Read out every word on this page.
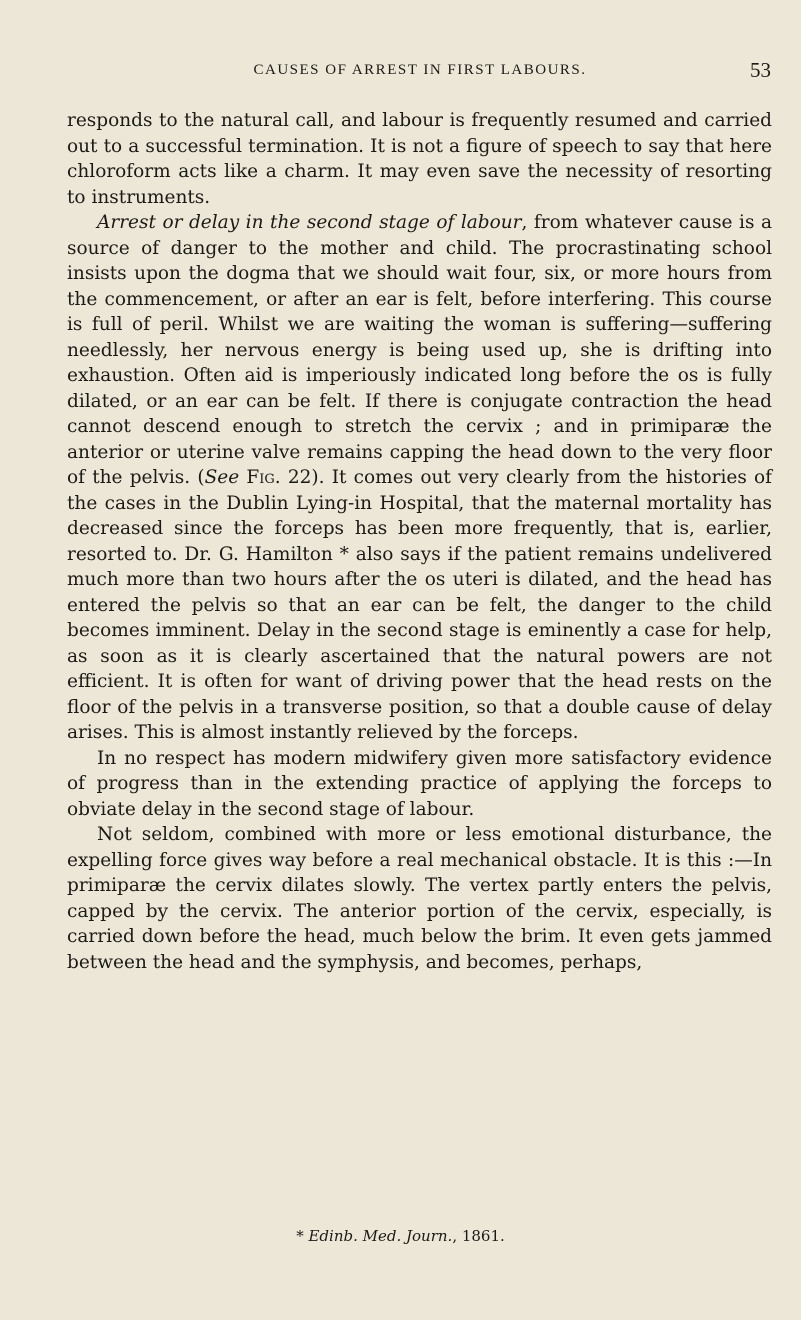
CAUSES OF ARREST IN FIRST LABOURS.	53

responds to the natural call, and labour is frequently resumed and carried out to a successful termination. It is not a figure of speech to say that here chloroform acts like a charm. It may even save the necessity of resorting to instruments.

Arrest or delay in the second stage of labour, from whatever cause is a source of danger to the mother and child. The procrastinating school insists upon the dogma that we should wait four, six, or more hours from the commencement, or after an ear is felt, before interfering. This course is full of peril. Whilst we are waiting the woman is suffering—suffering needlessly, her nervous energy is being used up, she is drifting into exhaustion. Often aid is imperiously indicated long before the os is fully dilated, or an ear can be felt. If there is conjugate contraction the head cannot descend enough to stretch the cervix ; and in primiparæ the anterior or uterine valve remains capping the head down to the very floor of the pelvis. (See Fig. 22). It comes out very clearly from the histories of the cases in the Dublin Lying-in Hospital, that the maternal mortality has decreased since the forceps has been more frequently, that is, earlier, resorted to. Dr. G. Hamilton * also says if the patient remains undelivered much more than two hours after the os uteri is dilated, and the head has entered the pelvis so that an ear can be felt, the danger to the child becomes imminent. Delay in the second stage is eminently a case for help, as soon as it is clearly ascertained that the natural powers are not efficient. It is often for want of driving power that the head rests on the floor of the pelvis in a transverse position, so that a double cause of delay arises. This is almost instantly relieved by the forceps.

In no respect has modern midwifery given more satisfactory evidence of progress than in the extending practice of applying the forceps to obviate delay in the second stage of labour.

Not seldom, combined with more or less emotional disturbance, the expelling force gives way before a real mechanical obstacle. It is this :—In primiparæ the cervix dilates slowly. The vertex partly enters the pelvis, capped by the cervix. The anterior portion of the cervix, especially, is carried down before the head, much below the brim. It even gets jammed between the head and the symphysis, and becomes, perhaps,

* Edinb. Med. Journ., 1861.
